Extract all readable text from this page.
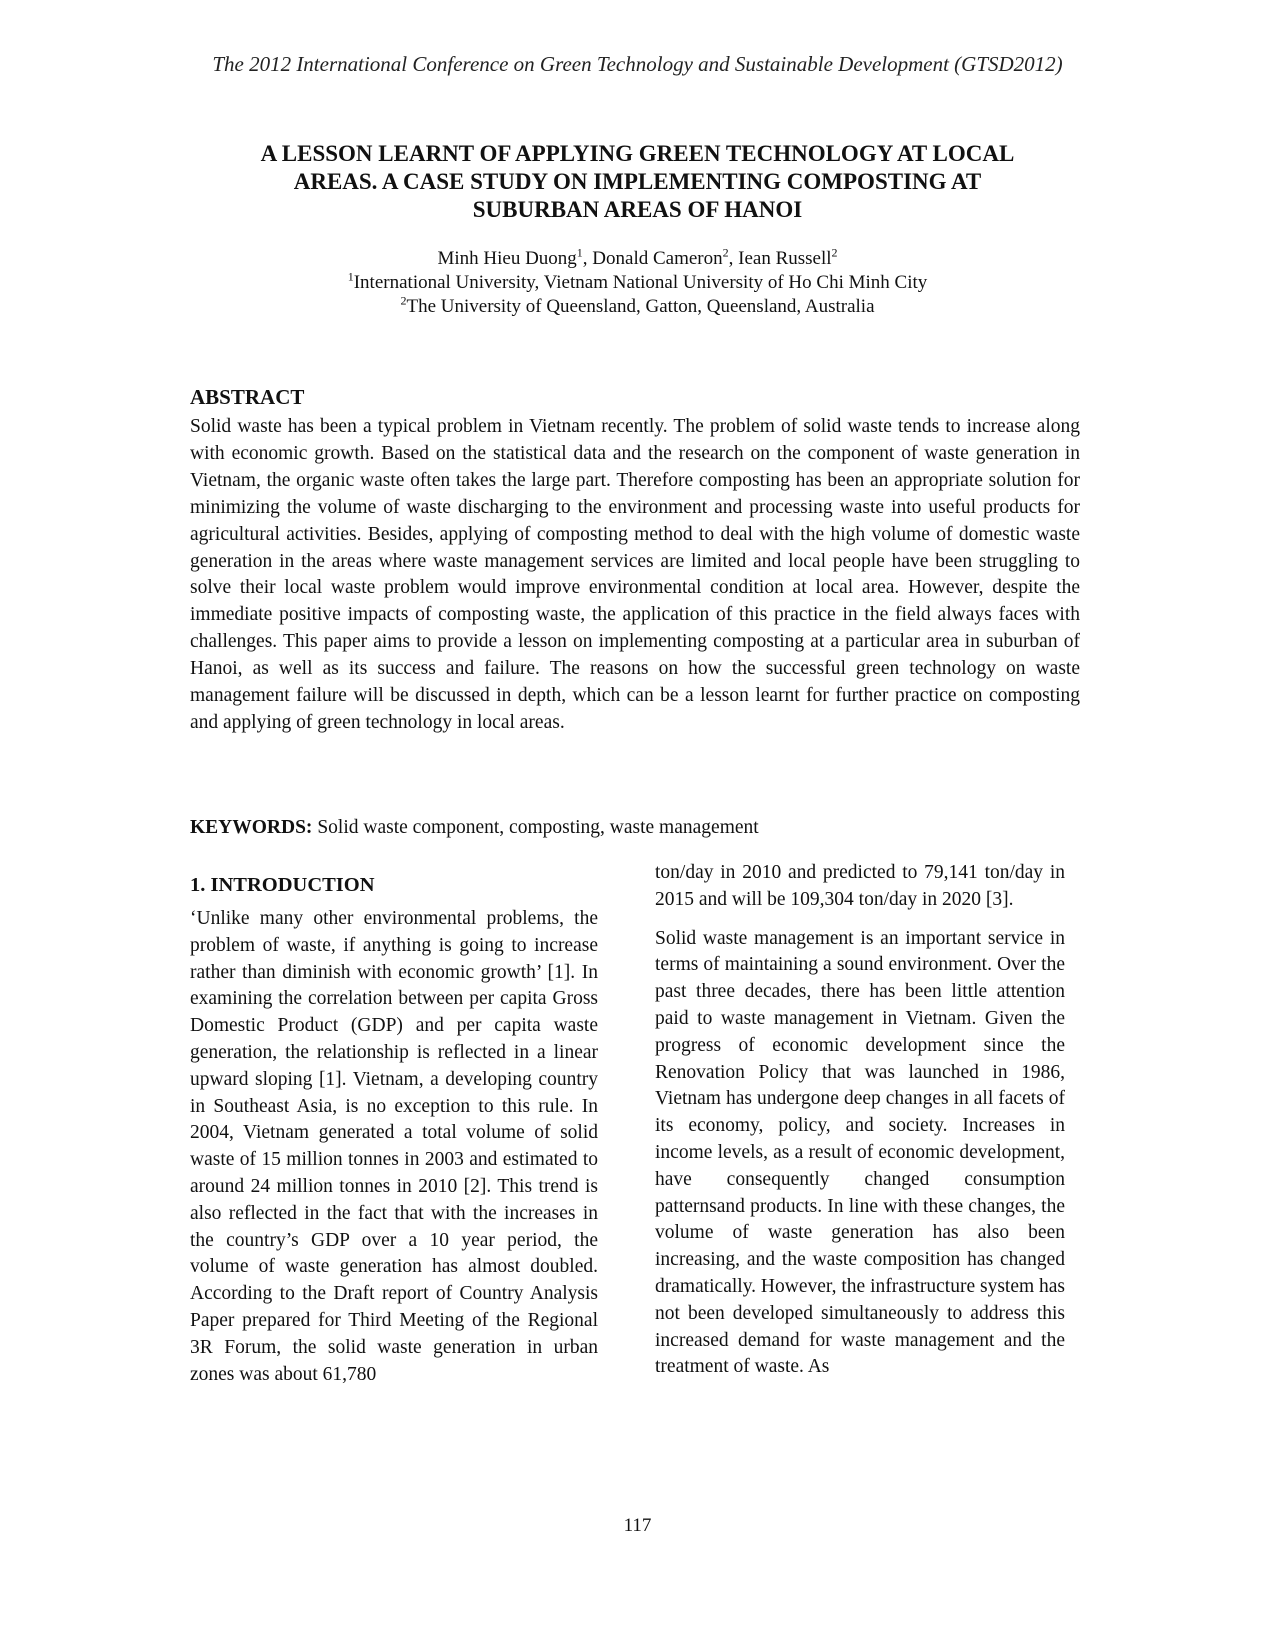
The 2012 International Conference on Green Technology and Sustainable Development (GTSD2012)
A LESSON LEARNT OF APPLYING GREEN TECHNOLOGY AT LOCAL
AREAS. A CASE STUDY ON IMPLEMENTING COMPOSTING AT
SUBURBAN AREAS OF HANOI
Minh Hieu Duong$^1$, Donald Cameron$^2$, Iean Russell$^2$
$^1$International University, Vietnam National University of Ho Chi Minh City
$^2$The University of Queensland, Gatton, Queensland, Australia
ABSTRACT

Solid waste has been a typical problem in Vietnam recently. The problem of solid waste tends to increase along with economic growth. Based on the statistical data and the research on the component of waste generation in Vietnam, the organic waste often takes the large part. Therefore composting has been an appropriate solution for minimizing the volume of waste discharging to the environment and processing waste into useful products for agricultural activities. Besides, applying of composting method to deal with the high volume of domestic waste generation in the areas where waste management services are limited and local people have been struggling to solve their local waste problem would improve environmental condition at local area. However, despite the immediate positive impacts of composting waste, the application of this practice in the field always faces with challenges. This paper aims to provide a lesson on implementing composting at a particular area in suburban of Hanoi, as well as its success and failure. The reasons on how the successful green technology on waste management failure will be discussed in depth, which can be a lesson learnt for further practice on composting and applying of green technology in local areas.

KEYWORDS: Solid waste component, composting, waste management

1. INTRODUCTION

‘Unlike many other environmental problems, the problem of waste, if anything is going to increase rather than diminish with economic growth’ [1]. In examining the correlation between per capita Gross Domestic Product (GDP) and per capita waste generation, the relationship is reflected in a linear upward sloping [1]. Vietnam, a developing country in Southeast Asia, is no exception to this rule. In 2004, Vietnam generated a total volume of solid waste of 15 million tonnes in 2003 and estimated to around 24 million tonnes in 2010 [2]. This trend is also reflected in the fact that with the increases in the country’s GDP over a 10 year period, the volume of waste generation has almost doubled. According to the Draft report of Country Analysis Paper prepared for Third Meeting of the Regional 3R Forum, the solid waste generation in urban zones was about 61,780

ton/day in 2010 and predicted to 79,141 ton/day in 2015 and will be 109,304 ton/day in 2020 [3].

Solid waste management is an important service in terms of maintaining a sound environment. Over the past three decades, there has been little attention paid to waste management in Vietnam. Given the progress of economic development since the Renovation Policy that was launched in 1986, Vietnam has undergone deep changes in all facets of its economy, policy, and society. Increases in income levels, as a result of economic development, have consequently changed consumption patternsand products. In line with these changes, the volume of waste generation has also been increasing, and the waste composition has changed dramatically. However, the infrastructure system has not been developed simultaneously to address this increased demand for waste management and the treatment of waste. As

117
